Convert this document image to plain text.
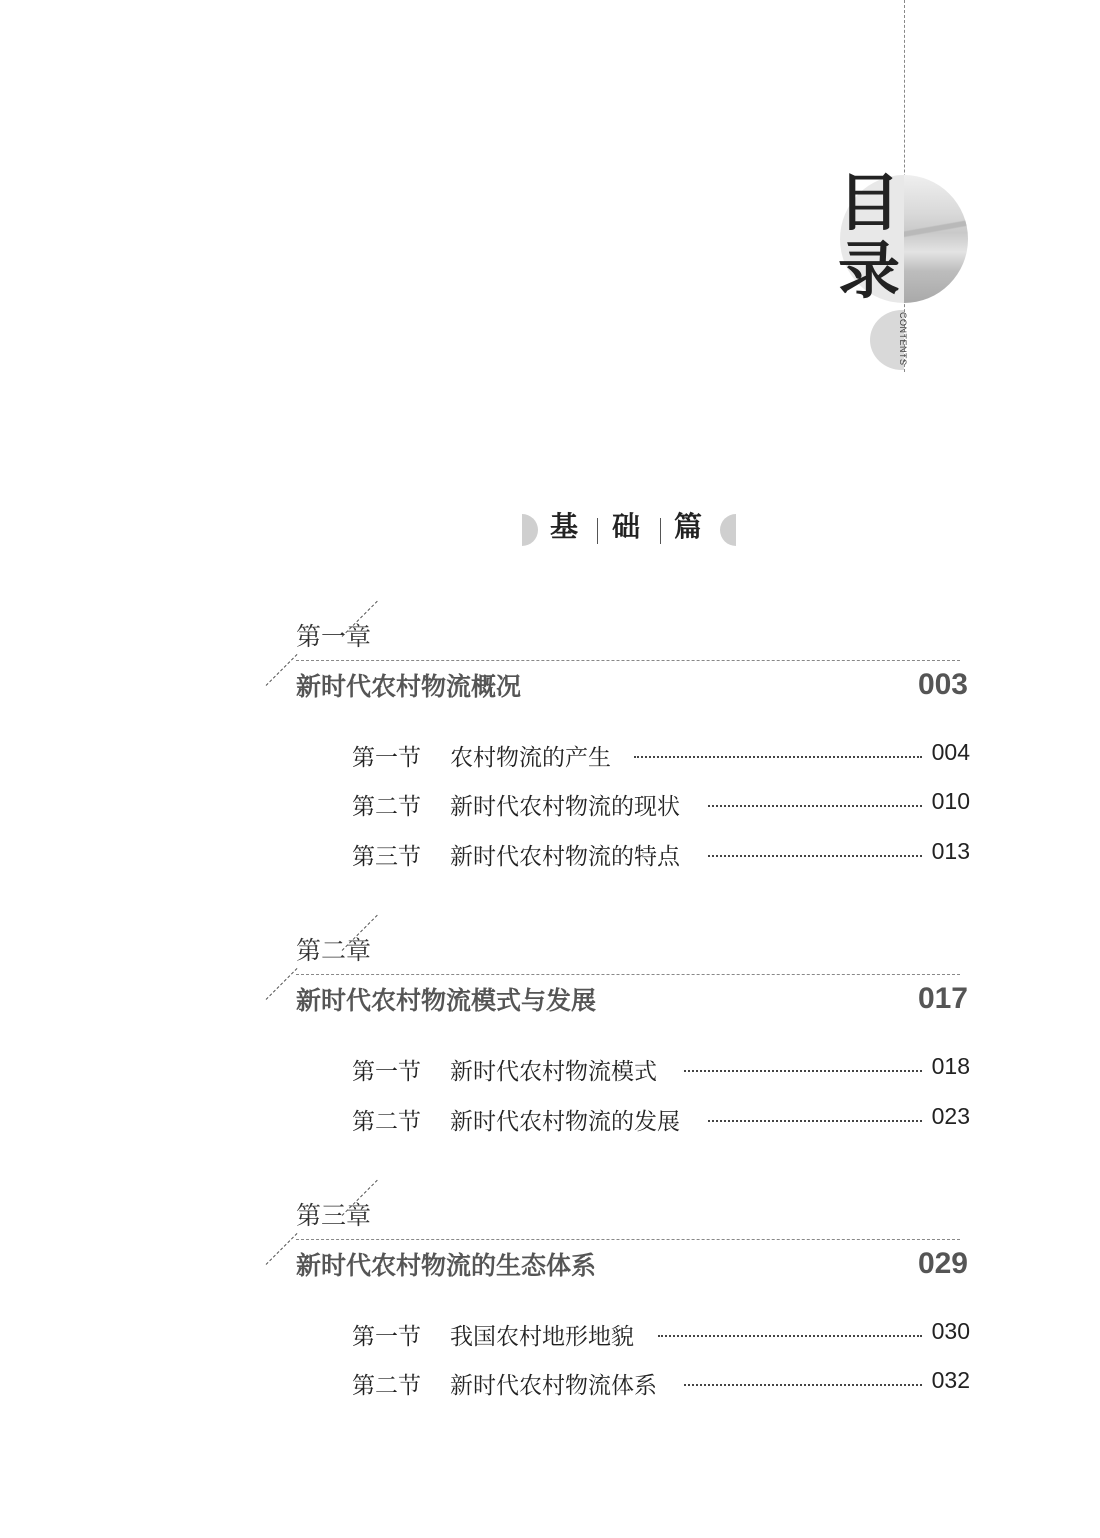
目
录
CONTENTS
基 础 篇
第一章
新时代农村物流概况	003
第一节 农村物流的产生	004
第二节 新时代农村物流的现状	010
第三节 新时代农村物流的特点	013
第二章
新时代农村物流模式与发展	017
第一节 新时代农村物流模式	018
第二节 新时代农村物流的发展	023
第三章
新时代农村物流的生态体系	029
第一节 我国农村地形地貌	030
第二节 新时代农村物流体系	032
